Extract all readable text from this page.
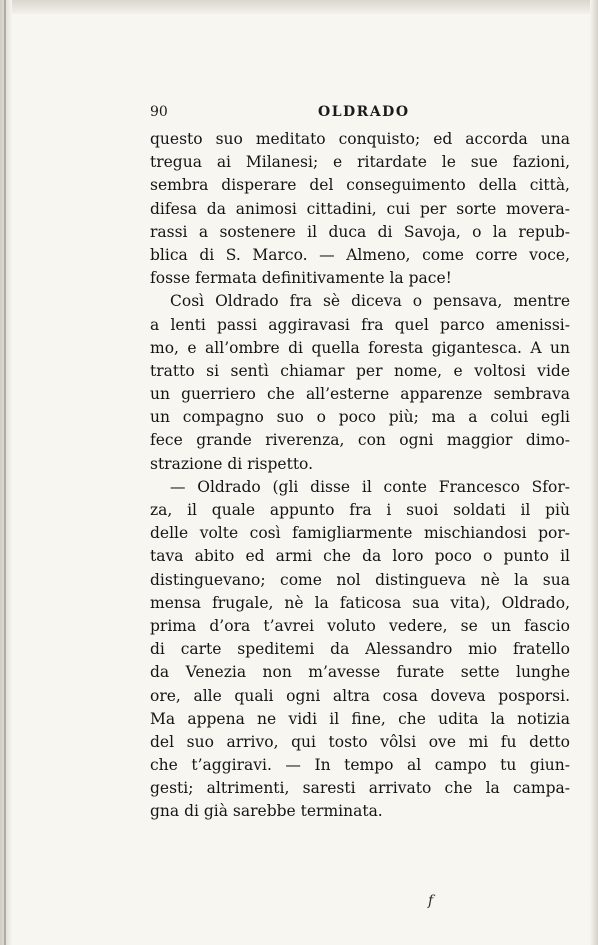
90	OLDRADO
questo suo meditato conquisto; ed accorda una
tregua ai Milanesi; e ritardate le sue fazioni,
sembra disperare del conseguimento della città,
difesa da animosi cittadini, cui per sorte movera-
rassi a sostenere il duca di Savoja, o la repub-
blica di S. Marco. — Almeno, come corre voce,
fosse fermata definitivamente la pace!
Così Oldrado fra sè diceva o pensava, mentre
a lenti passi aggiravasi fra quel parco amenissi-
mo, e all’ombre di quella foresta gigantesca. A un
tratto si sentì chiamar per nome, e voltosi vide
un guerriero che all’esterne apparenze sembrava
un compagno suo o poco più; ma a colui egli
fece grande riverenza, con ogni maggior dimo-
strazione di rispetto.
— Oldrado (gli disse il conte Francesco Sfor-
za, il quale appunto fra i suoi soldati il più
delle volte così famigliarmente mischiandosi por-
tava abito ed armi che da loro poco o punto il
distinguevano; come nol distingueva nè la sua
mensa frugale, nè la faticosa sua vita), Oldrado,
prima d’ora t’avrei voluto vedere, se un fascio
di carte speditemi da Alessandro mio fratello
da Venezia non m’avesse furate sette lunghe
ore, alle quali ogni altra cosa doveva posporsi.
Ma appena ne vidi il fine, che udita la notizia
del suo arrivo, qui tosto vôlsi ove mi fu detto
che t’aggiravi. — In tempo al campo tu giun-
gesti; altrimenti, saresti arrivato che la campa-
gna di già sarebbe terminata.
f
